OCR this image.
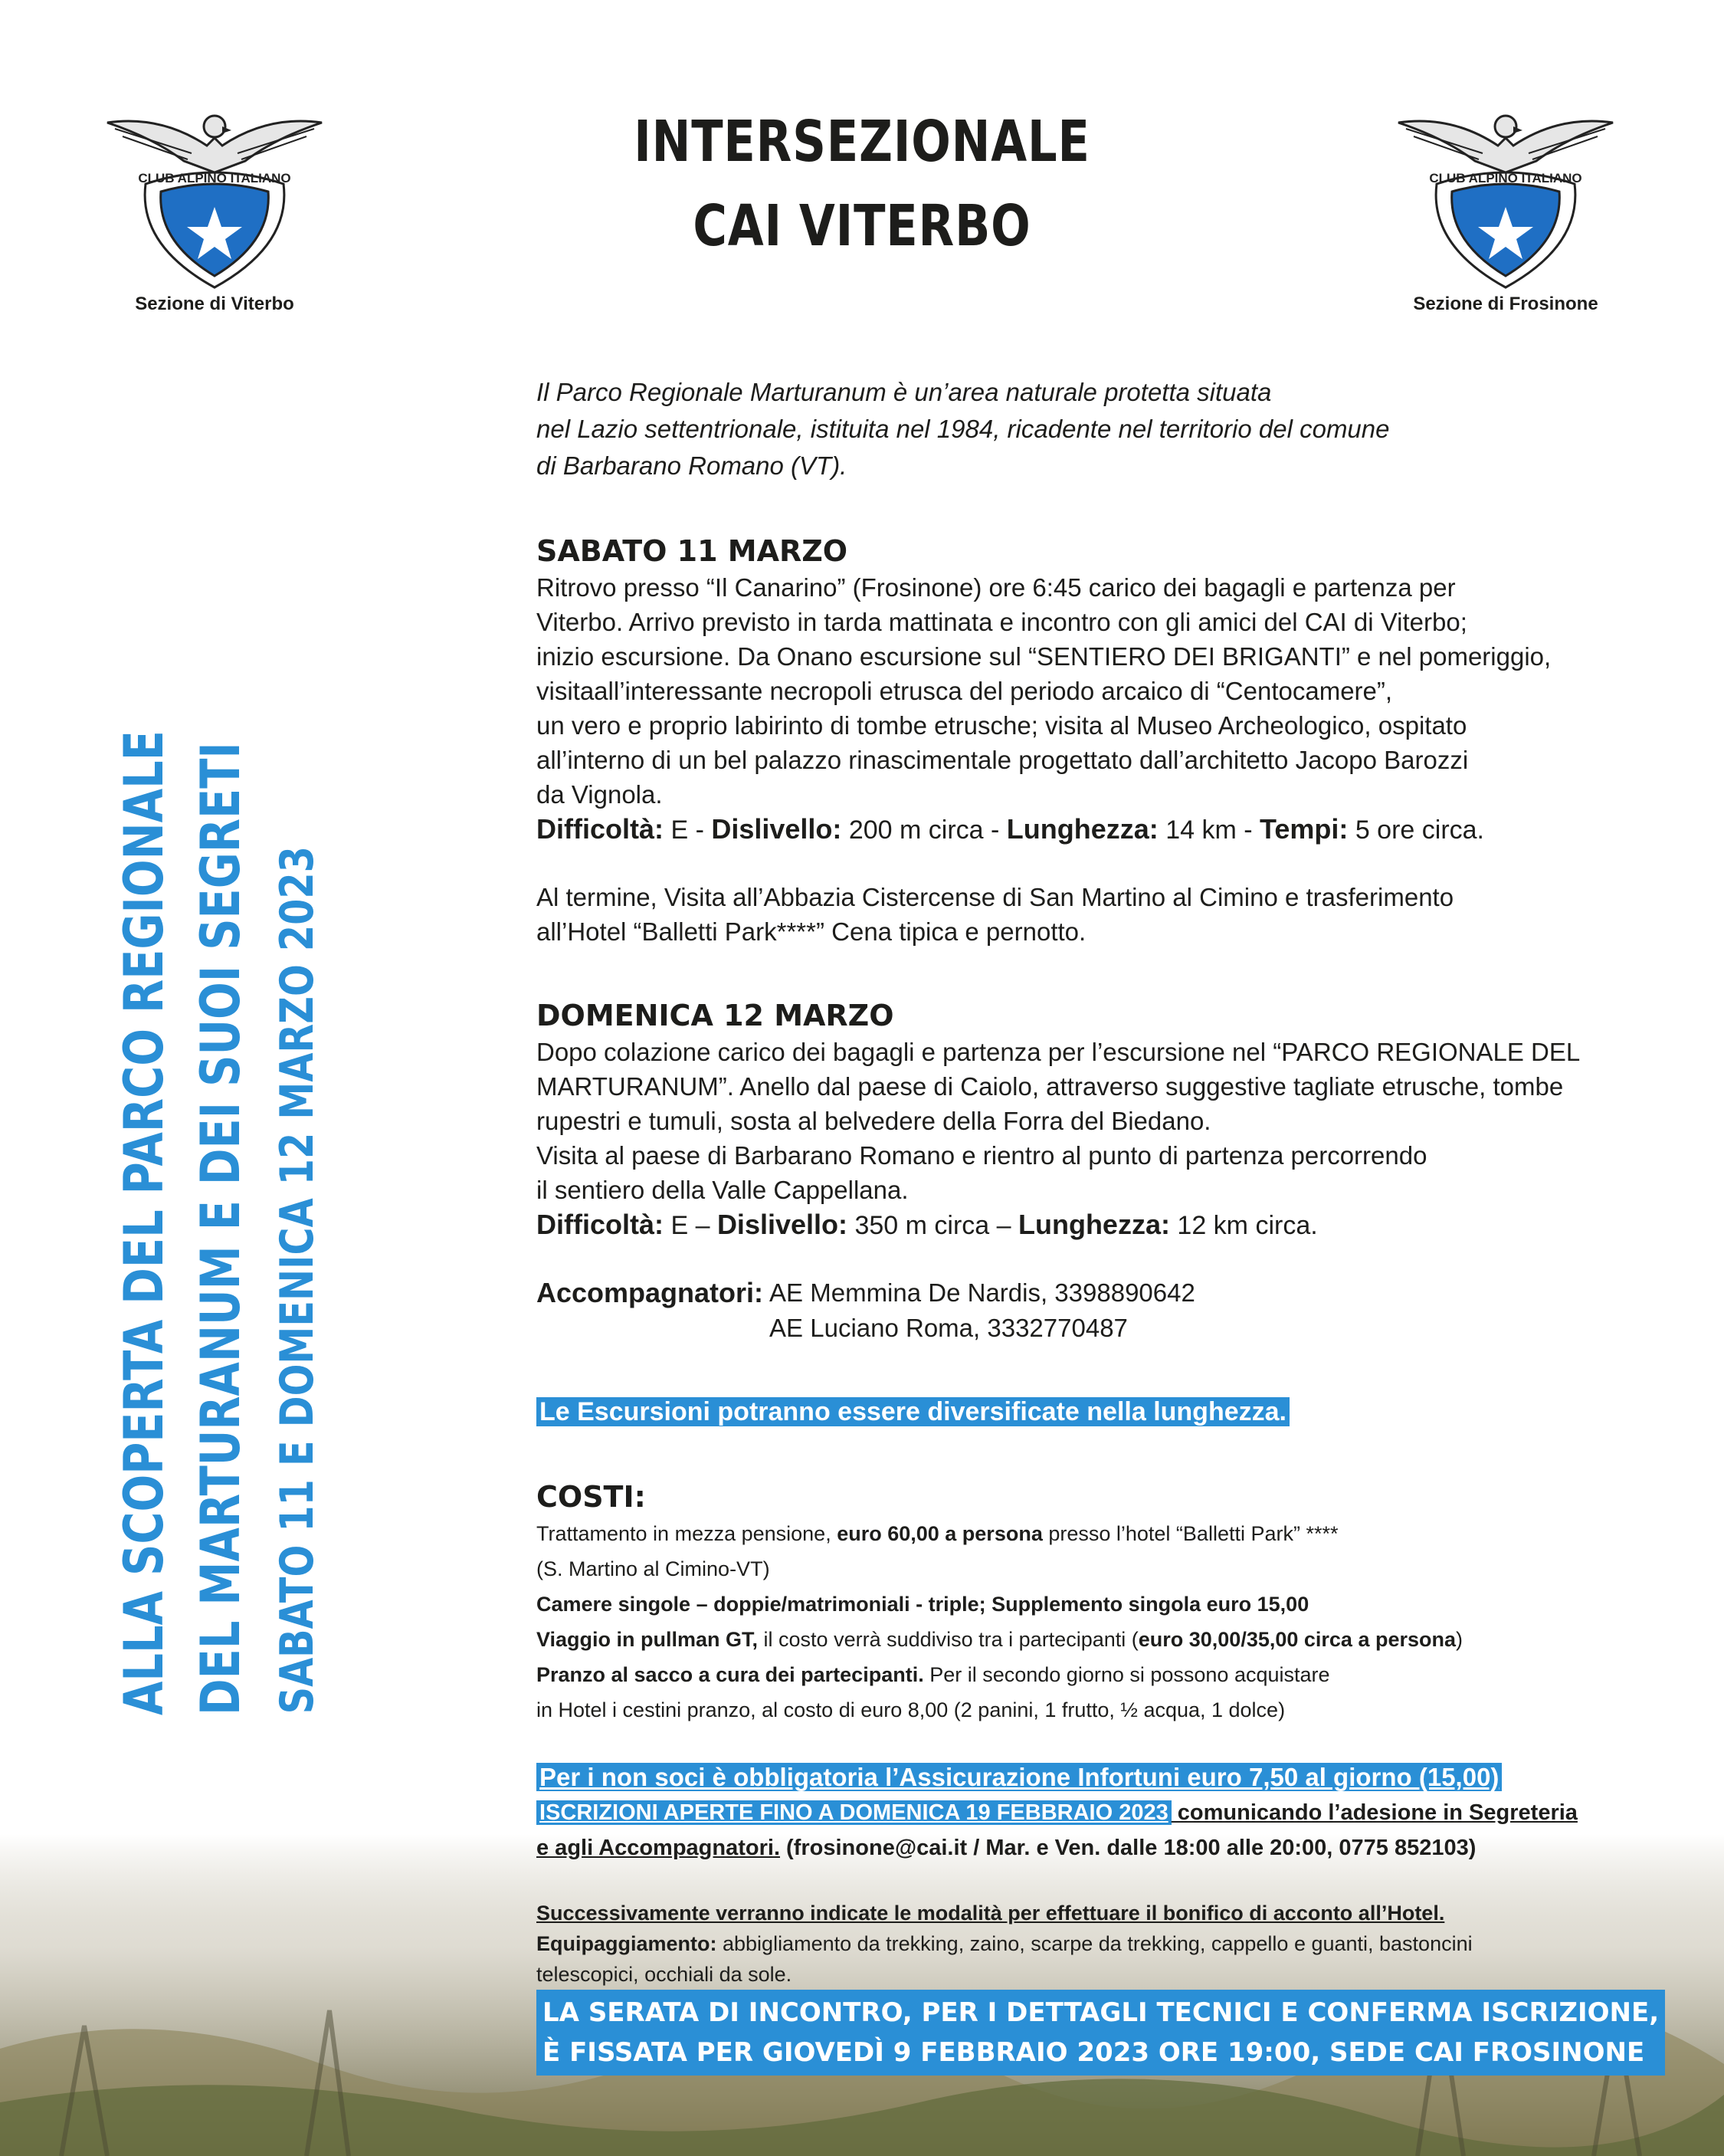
CLUB ALPINO ITALIANO
Sezione di Viterbo
CLUB ALPINO ITALIANO
Sezione di Frosinone
INTERSEZIONALE
CAI VITERBO
ALLA SCOPERTA DEL PARCO REGIONALE DEL MARTURANUM E DEI SUOI SEGRETI SABATO 11 E DOMENICA 12 MARZO 2023
Il Parco Regionale Marturanum è un’area naturale protetta situata
nel Lazio settentrionale, istituita nel 1984, ricadente nel territorio del comune
di Barbarano Romano (VT).
SABATO 11 MARZO
Ritrovo presso “Il Canarino” (Frosinone) ore 6:45 carico dei bagagli e partenza per
Viterbo. Arrivo previsto in tarda mattinata e incontro con gli amici del CAI di Viterbo;
inizio escursione. Da Onano escursione sul “SENTIERO DEI BRIGANTI” e nel pomeriggio,
visitaall’interessante necropoli etrusca del periodo arcaico di “Centocamere”,
un vero e proprio labirinto di tombe etrusche; visita al Museo Archeologico, ospitato
all’interno di un bel palazzo rinascimentale progettato dall’architetto Jacopo Barozzi
da Vignola.
Difficoltà: E - Dislivello: 200 m circa - Lunghezza: 14 km - Tempi: 5 ore circa.
Al termine, Visita all’Abbazia Cistercense di San Martino al Cimino e trasferimento
all’Hotel “Balletti Park****” Cena tipica e pernotto.
DOMENICA 12 MARZO
Dopo colazione carico dei bagagli e partenza per l’escursione nel “PARCO REGIONALE DEL
MARTURANUM”. Anello dal paese di Caiolo, attraverso suggestive tagliate etrusche, tombe
rupestri e tumuli, sosta al belvedere della Forra del Biedano.
Visita al paese di Barbarano Romano e rientro al punto di partenza percorrendo
il sentiero della Valle Cappellana.
Difficoltà: E – Dislivello: 350 m circa – Lunghezza: 12 km circa.
Accompagnatori: AE Memmina De Nardis, 3398890642
AE Luciano Roma, 3332770487
Le Escursioni potranno essere diversificate nella lunghezza.
COSTI:
Trattamento in mezza pensione, euro 60,00 a persona presso l’hotel “Balletti Park” ****
(S. Martino al Cimino-VT)
Camere singole – doppie/matrimoniali - triple; Supplemento singola euro 15,00
Viaggio in pullman GT, il costo verrà suddiviso tra i partecipanti (euro 30,00/35,00 circa a persona)
Pranzo al sacco a cura dei partecipanti. Per il secondo giorno si possono acquistare
in Hotel i cestini pranzo, al costo di euro 8,00 (2 panini, 1 frutto, ½ acqua, 1 dolce)
Per i non soci è obbligatoria l’Assicurazione Infortuni euro 7,50 al giorno (15,00)
ISCRIZIONI APERTE FINO A DOMENICA 19 FEBBRAIO 2023 comunicando l’adesione in Segreteria
e agli Accompagnatori. (frosinone@cai.it / Mar. e Ven. dalle 18:00 alle 20:00, 0775 852103)
Successivamente verranno indicate le modalità per effettuare il bonifico di acconto all’Hotel.
Equipaggiamento: abbigliamento da trekking, zaino, scarpe da trekking, cappello e guanti, bastoncini
telescopici, occhiali da sole.
LA SERATA DI INCONTRO, PER I DETTAGLI TECNICI E CONFERMA ISCRIZIONE,
È FISSATA PER GIOVEDÌ 9 FEBBRAIO 2023 ORE 19:00, SEDE CAI FROSINONE
